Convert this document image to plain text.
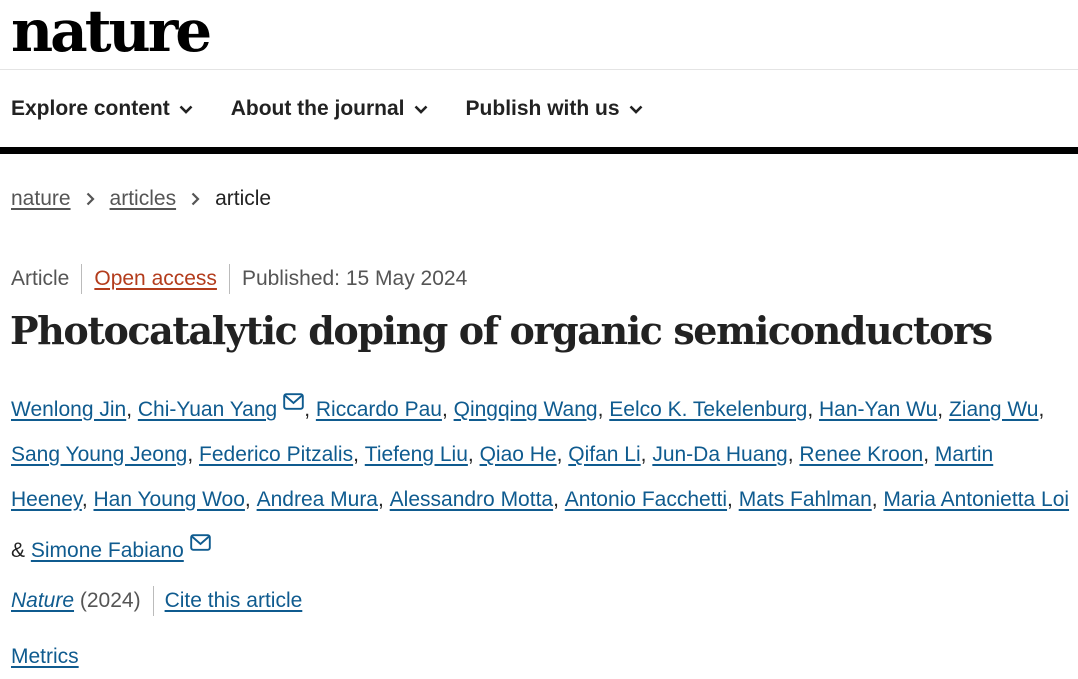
nature
Explore content	About the journal	Publish with us
nature articles article
Article Open access Published: 15 May 2024
Photocatalytic doping of organic semiconductors
Wenlong Jin, Chi-Yuan Yang , Riccardo Pau, Qingqing Wang, Eelco K. Tekelenburg, Han-Yan Wu, Ziang Wu, Sang Young Jeong, Federico Pitzalis, Tiefeng Liu, Qiao He, Qifan Li, Jun-Da Huang, Renee Kroon, Martin Heeney, Han Young Woo, Andrea Mura, Alessandro Motta, Antonio Facchetti, Mats Fahlman, Maria Antonietta Loi & Simone Fabiano
Nature
(2024) Cite this article
Metrics
